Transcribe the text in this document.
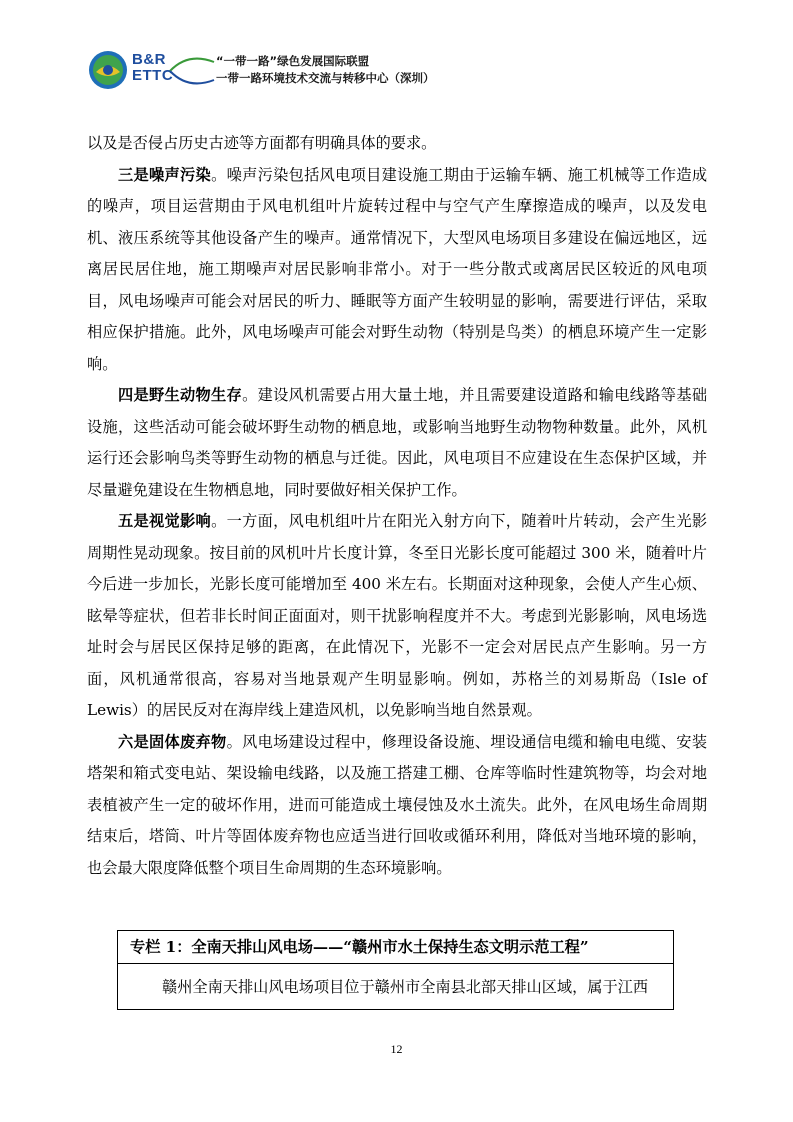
B&R
ETTC
“一带一路”绿色发展国际联盟
一带一路环境技术交流与转移中心（深圳）

以及是否侵占历史古迹等方面都有明确具体的要求。

三是噪声污染。噪声污染包括风电项目建设施工期由于运输车辆、施工机械等工作造成的噪声，项目运营期由于风电机组叶片旋转过程中与空气产生摩擦造成的噪声，以及发电机、液压系统等其他设备产生的噪声。通常情况下，大型风电场项目多建设在偏远地区，远离居民居住地，施工期噪声对居民影响非常小。对于一些分散式或离居民区较近的风电项目，风电场噪声可能会对居民的听力、睡眠等方面产生较明显的影响，需要进行评估，采取相应保护措施。此外，风电场噪声可能会对野生动物（特别是鸟类）的栖息环境产生一定影响。

四是野生动物生存。建设风机需要占用大量土地，并且需要建设道路和输电线路等基础设施，这些活动可能会破坏野生动物的栖息地，或影响当地野生动物物种数量。此外，风机运行还会影响鸟类等野生动物的栖息与迁徙。因此，风电项目不应建设在生态保护区域，并尽量避免建设在生物栖息地，同时要做好相关保护工作。

五是视觉影响。一方面，风电机组叶片在阳光入射方向下，随着叶片转动，会产生光影周期性晃动现象。按目前的风机叶片长度计算，冬至日光影长度可能超过 300 米，随着叶片今后进一步加长，光影长度可能增加至 400 米左右。长期面对这种现象，会使人产生心烦、眩晕等症状，但若非长时间正面面对，则干扰影响程度并不大。考虑到光影影响，风电场选址时会与居民区保持足够的距离，在此情况下，光影不一定会对居民点产生影响。另一方面，风机通常很高，容易对当地景观产生明显影响。例如，苏格兰的刘易斯岛（Isle of Lewis）的居民反对在海岸线上建造风机，以免影响当地自然景观。

六是固体废弃物。风电场建设过程中，修理设备设施、埋设通信电缆和输电电缆、安装塔架和箱式变电站、架设输电线路，以及施工搭建工棚、仓库等临时性建筑物等，均会对地表植被产生一定的破坏作用，进而可能造成土壤侵蚀及水土流失。此外，在风电场生命周期结束后，塔筒、叶片等固体废弃物也应适当进行回收或循环利用，降低对当地环境的影响，也会最大限度降低整个项目生命周期的生态环境影响。

专栏 1：全南天排山风电场——“赣州市水土保持生态文明示范工程”
赣州全南天排山风电场项目位于赣州市全南县北部天排山区域，属于江西
12
